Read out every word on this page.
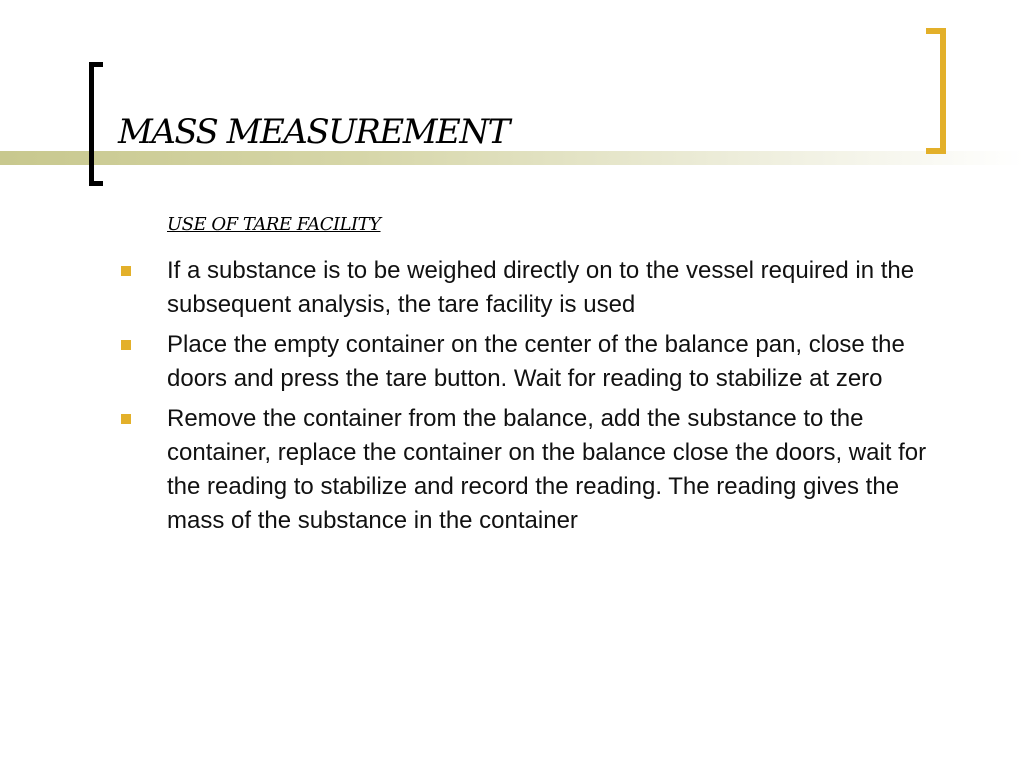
MASS MEASUREMENT
USE OF TARE FACILITY
If a substance is to be weighed directly on to the vessel required in the subsequent analysis, the tare facility is used
Place the empty container on the center of the balance pan, close the doors and press the tare button. Wait for reading to stabilize at zero
Remove the container from the balance, add the substance to the container, replace the container on the balance close the doors, wait for the reading to stabilize and record the reading. The reading gives the mass of the substance in the container
